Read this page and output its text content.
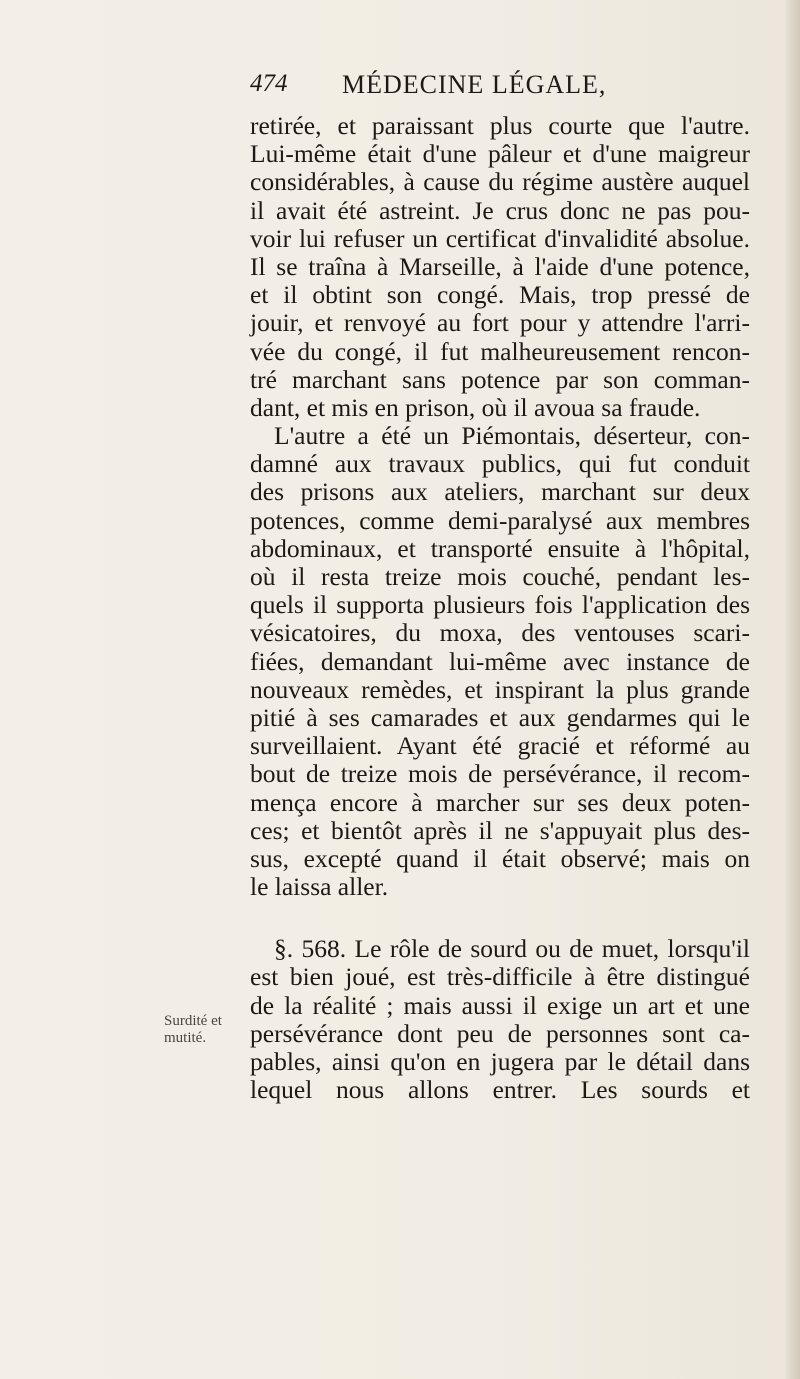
474 MÉDECINE LÉGALE,
Surdité et
mutité.
retirée, et paraissant plus courte que l'autre.
Lui-même était d'une pâleur et d'une maigreur
considérables, à cause du régime austère auquel
il avait été astreint. Je crus donc ne pas pou-
voir lui refuser un certificat d'invalidité absolue.
Il se traîna à Marseille, à l'aide d'une potence,
et il obtint son congé. Mais, trop pressé de
jouir, et renvoyé au fort pour y attendre l'arri-
vée du congé, il fut malheureusement rencon-
tré marchant sans potence par son comman-
dant, et mis en prison, où il avoua sa fraude.
L'autre a été un Piémontais, déserteur, con-
damné aux travaux publics, qui fut conduit
des prisons aux ateliers, marchant sur deux
potences, comme demi-paralysé aux membres
abdominaux, et transporté ensuite à l'hôpital,
où il resta treize mois couché, pendant les-
quels il supporta plusieurs fois l'application des
vésicatoires, du moxa, des ventouses scari-
fiées, demandant lui-même avec instance de
nouveaux remèdes, et inspirant la plus grande
pitié à ses camarades et aux gendarmes qui le
surveillaient. Ayant été gracié et réformé au
bout de treize mois de persévérance, il recom-
mença encore à marcher sur ses deux poten-
ces; et bientôt après il ne s'appuyait plus des-
sus, excepté quand il était observé; mais on
le laissa aller.
§. 568. Le rôle de sourd ou de muet, lorsqu'il
est bien joué, est très-difficile à être distingué
de la réalité ; mais aussi il exige un art et une
persévérance dont peu de personnes sont ca-
pables, ainsi qu'on en jugera par le détail dans
lequel nous allons entrer. Les sourds et
